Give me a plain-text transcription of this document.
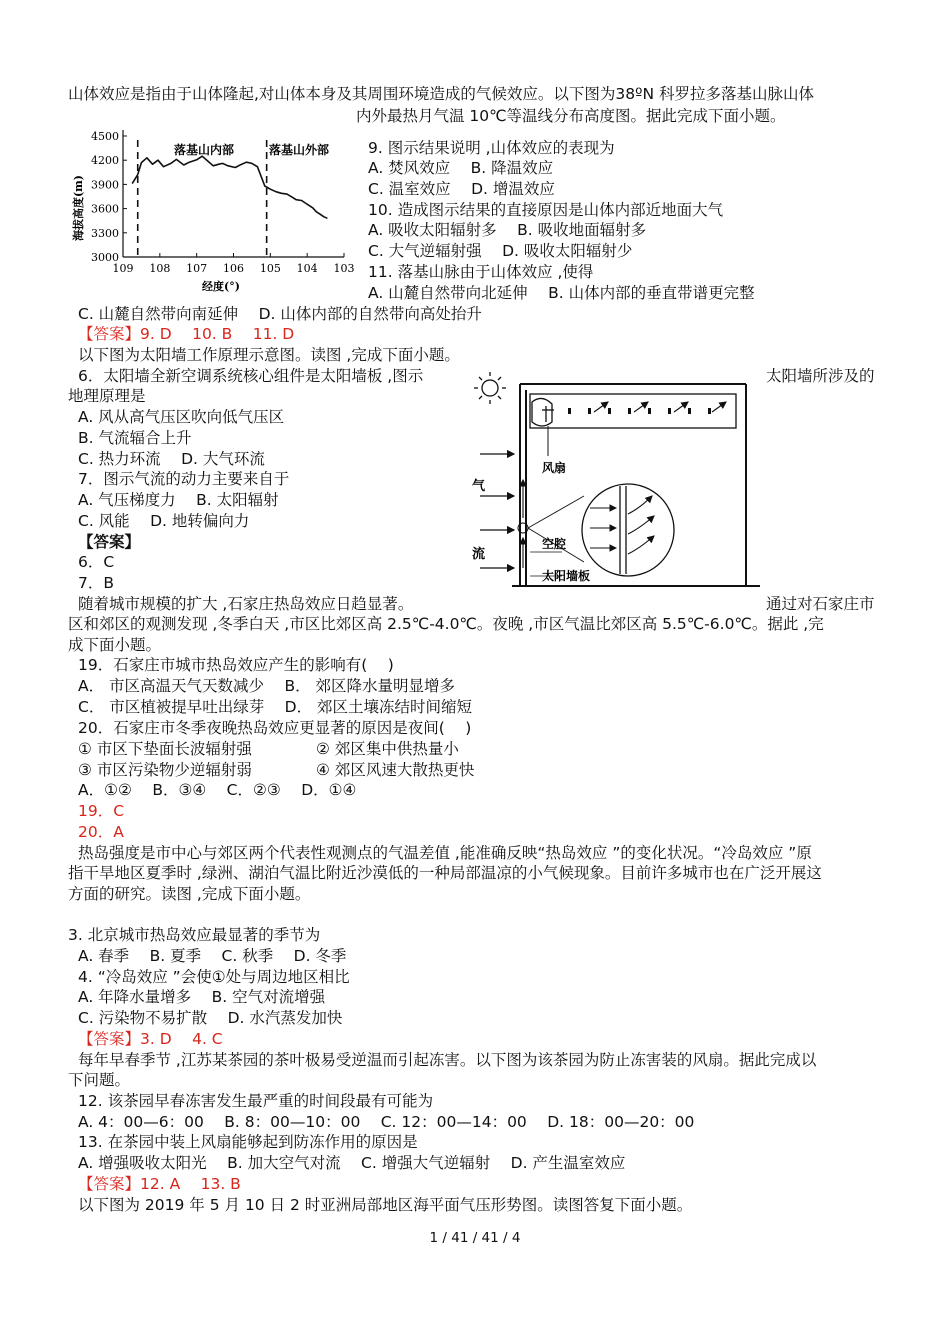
山体效应是指由于山体隆起,对山体本身及其周围环境造成的气候效应。以下图为38ºN 科罗拉多落基山脉山体
内外最热月气温 10℃等温线分布高度图。据此完成下面小题。
海拔高度(m)
经度(°)
落基山内部	落基山外部
4500
4200
3900
3600
3300
3000
109 108 107 106 105 104 103
9. 图示结果说明 ,山体效应的表现为
A. 焚风效应　 B. 降温效应
C. 温室效应　 D. 增温效应
10. 造成图示结果的直接原因是山体内部近地面大气
A. 吸收太阳辐射多　 B. 吸收地面辐射多
C. 大气逆辐射强　 D. 吸收太阳辐射少
11. 落基山脉由于山体效应 ,使得
A. 山麓自然带向北延伸　 B. 山体内部的垂直带谱更完整
C. 山麓自然带向南延伸　 D. 山体内部的自然带向高处抬升
【答案】9. D　 10. B　 11. D
以下图为太阳墙工作原理示意图。读图 ,完成下面小题。
6．太阳墙全新空调系统核心组件是太阳墙板 ,图示	太阳墙所涉及的
地理原理是
A. 风从高气压区吹向低气压区
B. 气流辐合上升
C. 热力环流　 D. 大气环流
7．图示气流的动力主要来自于
A. 气压梯度力　 B. 太阳辐射
C. 风能　 D. 地转偏向力
【答案】
6．C
7．B
风扇
气
流
空腔
太阳墙板
随着城市规模的扩大 ,石家庄热岛效应日趋显著。	通过对石家庄市
区和郊区的观测发现 ,冬季白天 ,市区比郊区高 2.5℃-4.0℃。夜晚 ,市区气温比郊区高 5.5℃-6.0℃。据此 ,完
成下面小题。
19．石家庄市城市热岛效应产生的影响有(　 )
A． 市区高温天气天数减少　 B． 郊区降水量明显增多
C． 市区植被提早吐出绿芽　 D． 郊区土壤冻结时间缩短
20．石家庄市冬季夜晚热岛效应更显著的原因是夜间(　 )
① 市区下垫面长波辐射强	② 郊区集中供热量小
③ 市区污染物少逆辐射弱	④ 郊区风速大散热更快
A．①②　 B．③④　 C．②③　 D．①④
19．C
20．A
热岛强度是市中心与郊区两个代表性观测点的气温差值 ,能准确反映“热岛效应 ”的变化状况。“冷岛效应 ”原
指干旱地区夏季时 ,绿洲、湖泊气温比附近沙漠低的一种局部温凉的小气候现象。目前许多城市也在广泛开展这
方面的研究。读图 ,完成下面小题。
3. 北京城市热岛效应最显著的季节为
A. 春季　 B. 夏季　 C. 秋季　 D. 冬季
4. “冷岛效应 ”会使①处与周边地区相比
A. 年降水量增多　 B. 空气对流增强
C. 污染物不易扩散　 D. 水汽蒸发加快
【答案】3. D　 4. C
每年早春季节 ,江苏某茶园的茶叶极易受逆温而引起冻害。以下图为该茶园为防止冻害装的风扇。据此完成以
下问题。
12. 该茶园早春冻害发生最严重的时间段最有可能为
A. 4：00—6：00　 B. 8：00—10：00　 C. 12：00—14：00　 D. 18：00—20：00
13. 在茶园中装上风扇能够起到防冻作用的原因是
A. 增强吸收太阳光　 B. 加大空气对流　 C. 增强大气逆辐射　 D. 产生温室效应
【答案】12. A　 13. B
以下图为 2019 年 5 月 10 日 2 时亚洲局部地区海平面气压形势图。读图答复下面小题。
1 / 41 / 41 / 4
